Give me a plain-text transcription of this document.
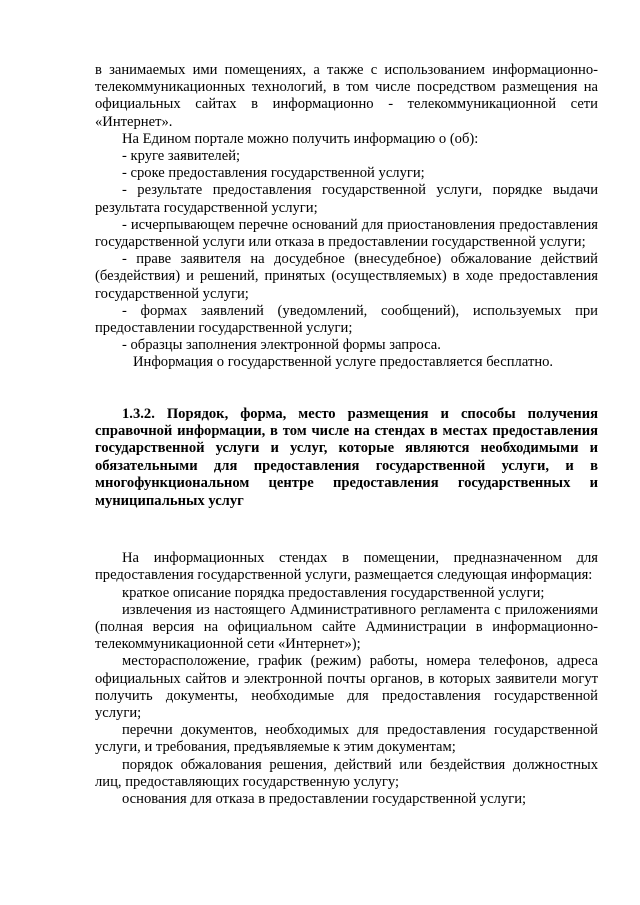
в занимаемых ими помещениях, а также с использованием информационно-телекоммуникационных технологий, в том числе посредством размещения на официальных сайтах в информационно - телекоммуникационной сети «Интернет».

На Едином портале можно получить информацию о (об):

- круге заявителей;

- сроке предоставления государственной услуги;

- результате предоставления государственной услуги, порядке выдачи результата государственной услуги;

- исчерпывающем перечне оснований для приостановления предоставления государственной услуги или отказа в предоставлении государственной услуги;

- праве заявителя на досудебное (внесудебное) обжалование действий (бездействия) и решений, принятых (осуществляемых) в ходе предоставления государственной услуги;

- формах заявлений (уведомлений, сообщений), используемых при предоставлении государственной услуги;

- образцы заполнения электронной формы запроса.

Информация о государственной услуге предоставляется бесплатно.

1.3.2. Порядок, форма, место размещения и способы получения справочной информации, в том числе на стендах в местах предоставления государственной услуги и услуг, которые являются необходимыми и обязательными для предоставления государственной услуги, и в многофункциональном центре предоставления государственных и муниципальных услуг

На информационных стендах в помещении, предназначенном для предоставления государственной услуги, размещается следующая информация:

краткое описание порядка предоставления государственной услуги;

извлечения из настоящего Административного регламента с приложениями (полная версия на официальном сайте Администрации в информационно-телекоммуникационной сети «Интернет»);

месторасположение, график (режим) работы, номера телефонов, адреса официальных сайтов и электронной почты органов, в которых заявители могут получить документы, необходимые для предоставления государственной услуги;

перечни документов, необходимых для предоставления государственной услуги, и требования, предъявляемые к этим документам;

порядок обжалования решения, действий или бездействия должностных лиц, предоставляющих государственную услугу;

основания для отказа в предоставлении государственной услуги;
